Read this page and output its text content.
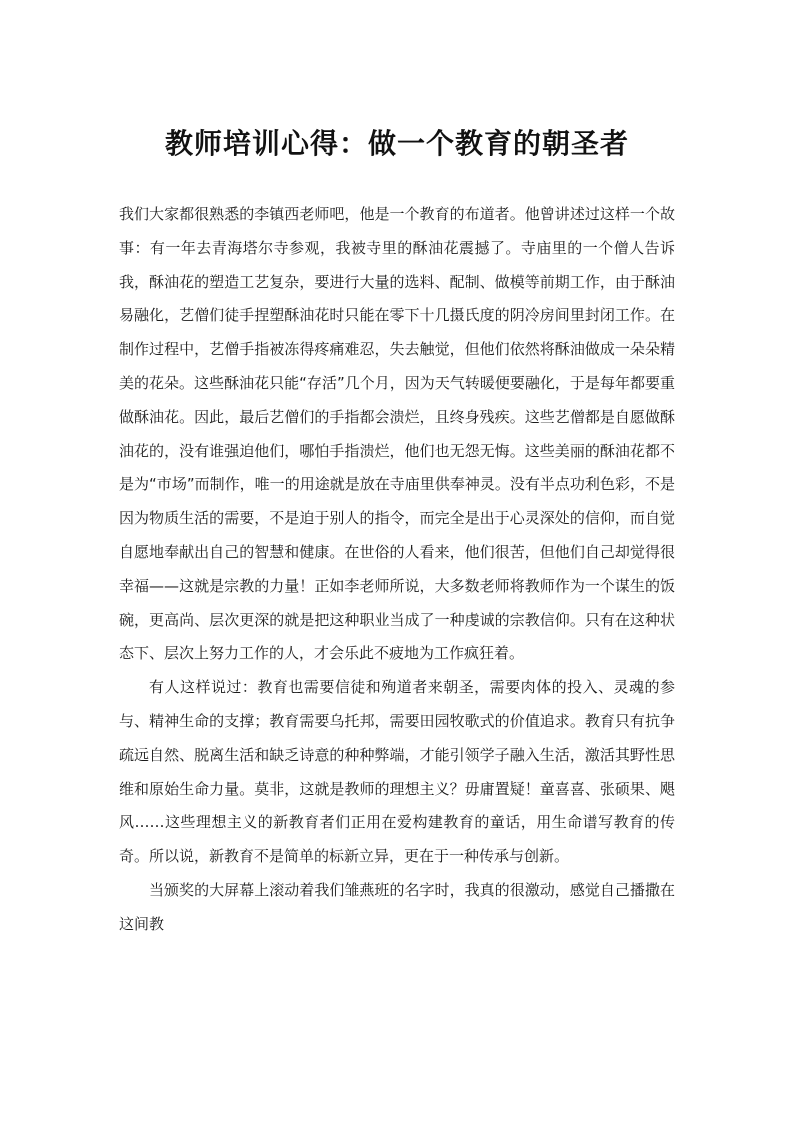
教师培训心得：做一个教育的朝圣者

我们大家都很熟悉的李镇西老师吧，他是一个教育的布道者。他曾讲述过这样一个故事：有一年去青海塔尔寺参观，我被寺里的酥油花震撼了。寺庙里的一个僧人告诉我，酥油花的塑造工艺复杂，要进行大量的选料、配制、做模等前期工作，由于酥油易融化，艺僧们徒手捏塑酥油花时只能在零下十几摄氏度的阴冷房间里封闭工作。在制作过程中，艺僧手指被冻得疼痛难忍，失去触觉，但他们依然将酥油做成一朵朵精美的花朵。这些酥油花只能“存活”几个月，因为天气转暖便要融化，于是每年都要重做酥油花。因此，最后艺僧们的手指都会溃烂，且终身残疾。这些艺僧都是自愿做酥油花的，没有谁强迫他们，哪怕手指溃烂，他们也无怨无悔。这些美丽的酥油花都不是为“市场”而制作，唯一的用途就是放在寺庙里供奉神灵。没有半点功利色彩，不是因为物质生活的需要，不是迫于别人的指令，而完全是出于心灵深处的信仰，而自觉自愿地奉献出自己的智慧和健康。在世俗的人看来，他们很苦，但他们自己却觉得很幸福——这就是宗教的力量！正如李老师所说，大多数老师将教师作为一个谋生的饭碗，更高尚、层次更深的就是把这种职业当成了一种虔诚的宗教信仰。只有在这种状态下、层次上努力工作的人，才会乐此不疲地为工作疯狂着。

有人这样说过：教育也需要信徒和殉道者来朝圣，需要肉体的投入、灵魂的参与、精神生命的支撑；教育需要乌托邦，需要田园牧歌式的价值追求。教育只有抗争疏远自然、脱离生活和缺乏诗意的种种弊端，才能引领学子融入生活，激活其野性思维和原始生命力量。莫非，这就是教师的理想主义？毋庸置疑！童喜喜、张硕果、飓风……这些理想主义的新教育者们正用在爱构建教育的童话，用生命谱写教育的传奇。所以说，新教育不是简单的标新立异，更在于一种传承与创新。

当颁奖的大屏幕上滚动着我们雏燕班的名字时，我真的很激动，感觉自己播撒在这间教
